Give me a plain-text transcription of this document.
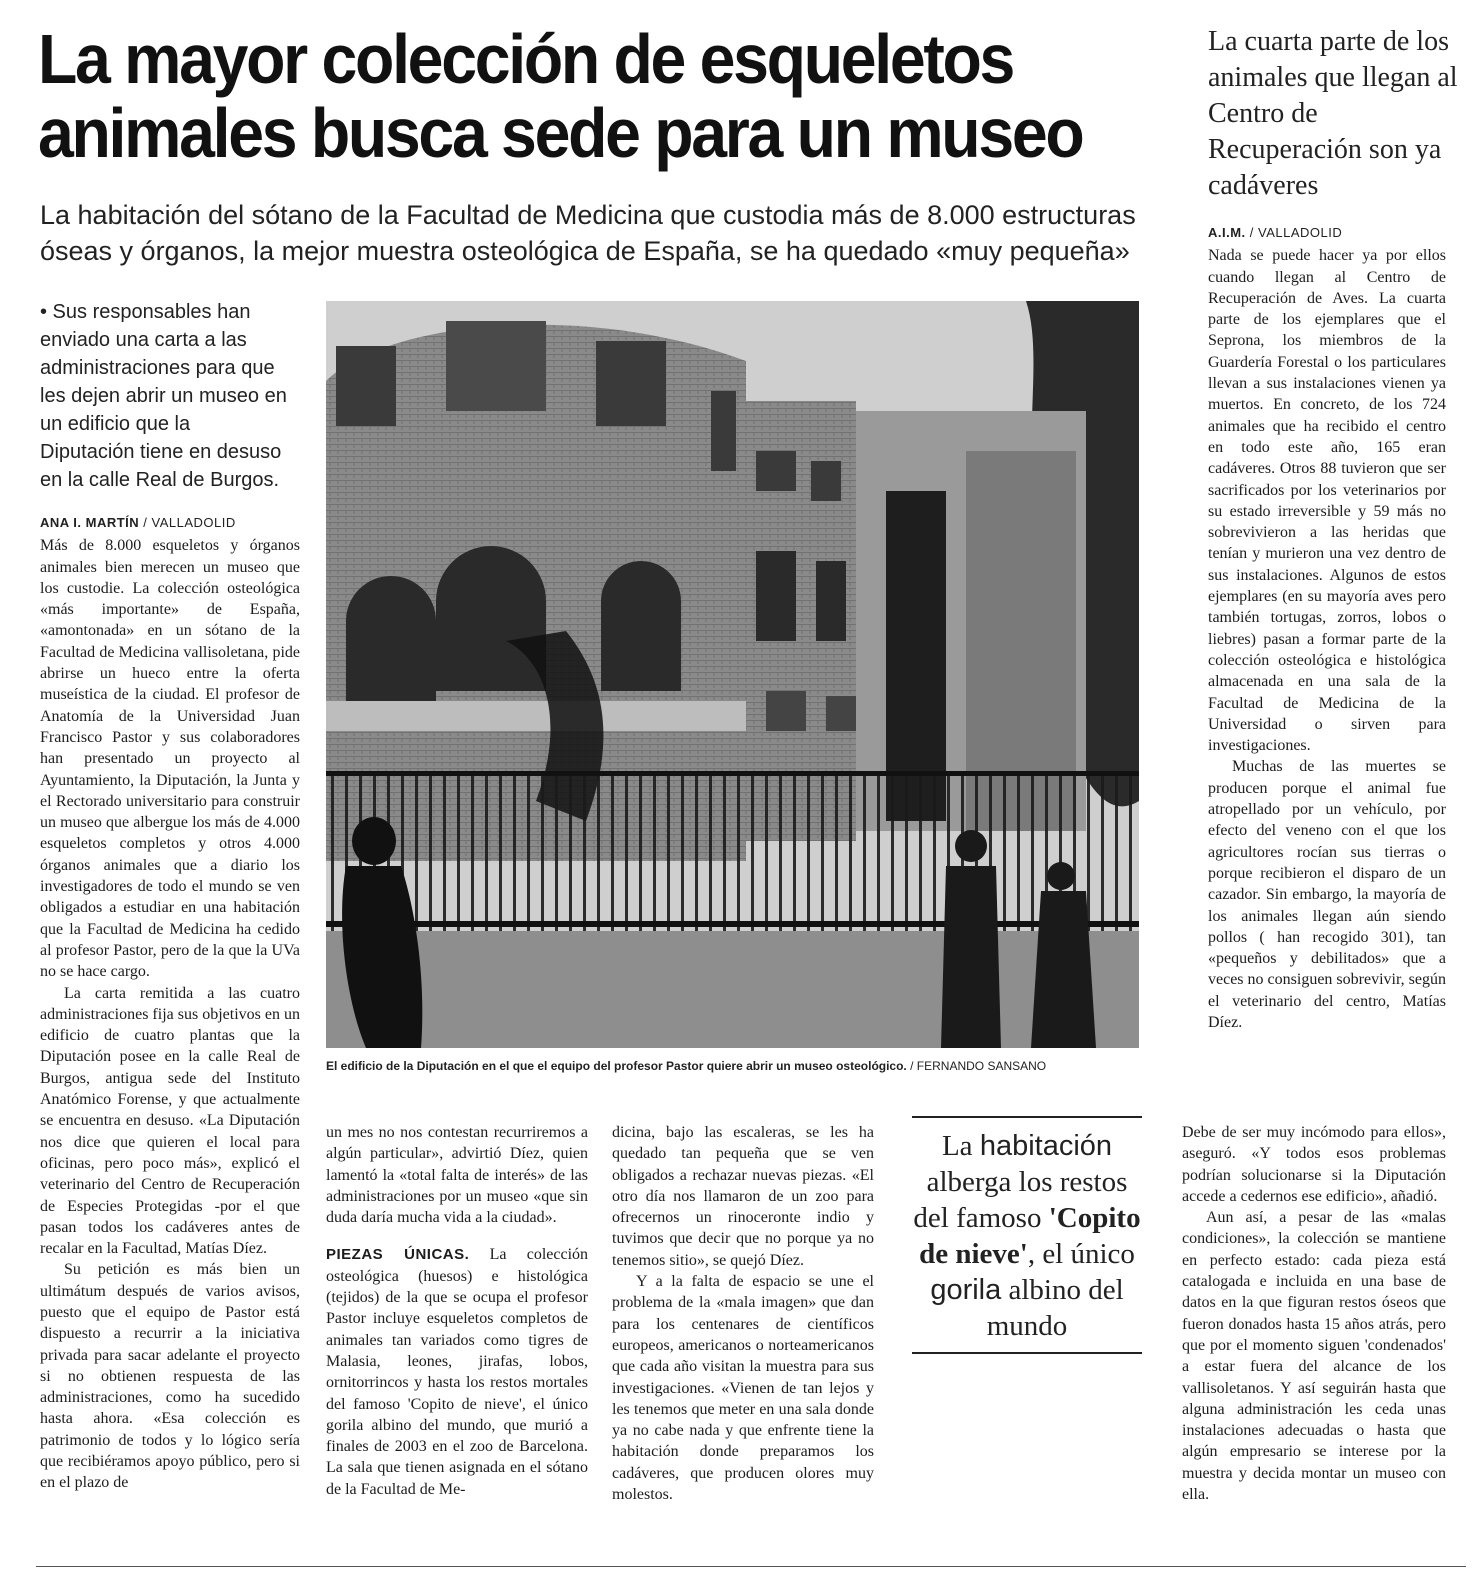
La mayor colección de esqueletos
animales busca sede para un museo
La habitación del sótano de la Facultad de Medicina que custodia más de 8.000 estructuras óseas y órganos, la mejor muestra osteológica de España, se ha quedado «muy pequeña»
La cuarta parte de los animales que llegan al Centro de Recuperación son ya cadáveres
• Sus responsables han enviado una carta a las administraciones para que les dejen abrir un museo en un edificio que la Diputación tiene en desuso en la calle Real de Burgos.
El edificio de la Diputación en el que el equipo del profesor Pastor quiere abrir un museo osteológico. / FERNANDO SANSANO
ANA I. MARTÍN / VALLADOLID

Más de 8.000 esqueletos y órganos animales bien merecen un museo que los custodie. La colección osteológica «más importante» de España, «amontonada» en un sótano de la Facultad de Medicina vallisoletana, pide abrirse un hueco entre la oferta museística de la ciudad. El profesor de Anatomía de la Universidad Juan Francisco Pastor y sus colaboradores han presentado un proyecto al Ayuntamiento, la Diputación, la Junta y el Rectorado universitario para construir un museo que albergue los más de 4.000 esqueletos completos y otros 4.000 órganos animales que a diario los investigadores de todo el mundo se ven obligados a estudiar en una habitación que la Facultad de Medicina ha cedido al profesor Pastor, pero de la que la UVa no se hace cargo.

La carta remitida a las cuatro administraciones fija sus objetivos en un edificio de cuatro plantas que la Diputación posee en la calle Real de Burgos, antigua sede del Instituto Anatómico Forense, y que actualmente se encuentra en desuso. «La Diputación nos dice que quieren el local para oficinas, pero poco más», explicó el veterinario del Centro de Recuperación de Especies Protegidas -por el que pasan todos los cadáveres antes de recalar en la Facultad, Matías Díez.

Su petición es más bien un ultimátum después de varios avisos, puesto que el equipo de Pastor está dispuesto a recurrir a la iniciativa privada para sacar adelante el proyecto si no obtienen respuesta de las administraciones, como ha sucedido hasta ahora. «Esa colección es patrimonio de todos y lo lógico sería que recibiéramos apoyo público, pero si en el plazo de

un mes no nos contestan recurriremos a algún particular», advirtió Díez, quien lamentó la «total falta de interés» de las administraciones por un museo «que sin duda daría mucha vida a la ciudad».

PIEZAS ÚNICAS. La colección osteológica (huesos) e histológica (tejidos) de la que se ocupa el profesor Pastor incluye esqueletos completos de animales tan variados como tigres de Malasia, leones, jirafas, lobos, ornitorrincos y hasta los restos mortales del famoso 'Copito de nieve', el único gorila albino del mundo, que murió a finales de 2003 en el zoo de Barcelona. La sala que tienen asignada en el sótano de la Facultad de Me-

dicina, bajo las escaleras, se les ha quedado tan pequeña que se ven obligados a rechazar nuevas piezas. «El otro día nos llamaron de un zoo para ofrecernos un rinoceronte indio y tuvimos que decir que no porque ya no tenemos sitio», se quejó Díez.

Y a la falta de espacio se une el problema de la «mala imagen» que dan para los centenares de científicos europeos, americanos o norteamericanos que cada año visitan la muestra para sus investigaciones. «Vienen de tan lejos y les tenemos que meter en una sala donde ya no cabe nada y que enfrente tiene la habitación donde preparamos los cadáveres, que producen olores muy molestos.

La habitación alberga los restos del famoso 'Copito de nieve', el único gorila albino del mundo
A.I.M. / VALLADOLID

Nada se puede hacer ya por ellos cuando llegan al Centro de Recuperación de Aves. La cuarta parte de los ejemplares que el Seprona, los miembros de la Guardería Forestal o los particulares llevan a sus instalaciones vienen ya muertos. En concreto, de los 724 animales que ha recibido el centro en todo este año, 165 eran cadáveres. Otros 88 tuvieron que ser sacrificados por los veterinarios por su estado irreversible y 59 más no sobrevivieron a las heridas que tenían y murieron una vez dentro de sus instalaciones. Algunos de estos ejemplares (en su mayoría aves pero también tortugas, zorros, lobos o liebres) pasan a formar parte de la colección osteológica e histológica almacenada en una sala de la Facultad de Medicina de la Universidad o sirven para investigaciones.

Muchas de las muertes se producen porque el animal fue atropellado por un vehículo, por efecto del veneno con el que los agricultores rocían sus tierras o porque recibieron el disparo de un cazador. Sin embargo, la mayoría de los animales llegan aún siendo pollos ( han recogido 301), tan «pequeños y debilitados» que a veces no consiguen sobrevivir, según el veterinario del centro, Matías Díez.

Debe de ser muy incómodo para ellos», aseguró. «Y todos esos problemas podrían solucionarse si la Diputación accede a cedernos ese edificio», añadió.

Aun así, a pesar de las «malas condiciones», la colección se mantiene en perfecto estado: cada pieza está catalogada e incluida en una base de datos en la que figuran restos óseos que fueron donados hasta 15 años atrás, pero que por el momento siguen 'condenados' a estar fuera del alcance de los vallisoletanos. Y así seguirán hasta que alguna administración les ceda unas instalaciones adecuadas o hasta que algún empresario se interese por la muestra y decida montar un museo con ella.
